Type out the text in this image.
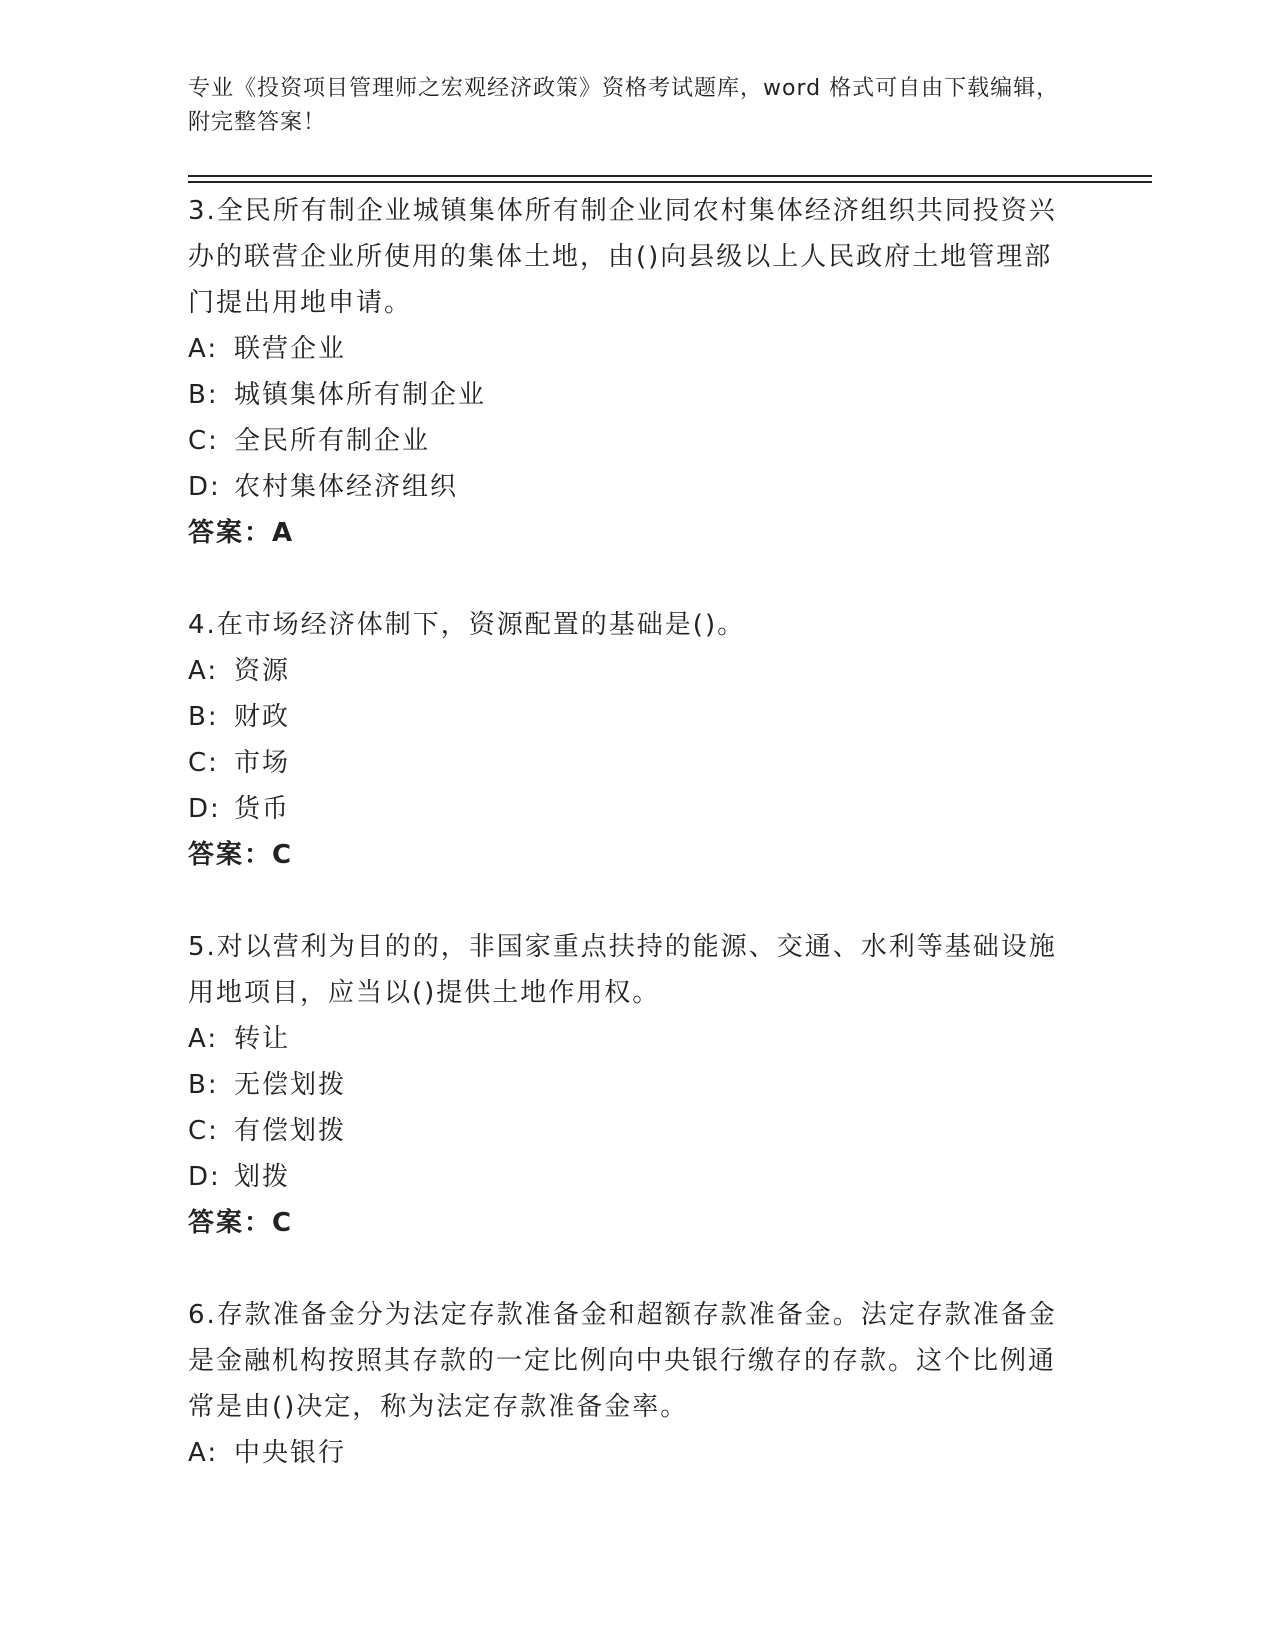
专业《投资项目管理师之宏观经济政策》资格考试题库，word 格式可自由下载编辑，附完整答案！

3.全民所有制企业城镇集体所有制企业同农村集体经济组织共同投资兴办的联营企业所使用的集体土地，由()向县级以上人民政府土地管理部门提出用地申请。

A: 联营企业

B: 城镇集体所有制企业

C: 全民所有制企业

D: 农村集体经济组织

答案：A

4.在市场经济体制下，资源配置的基础是()。

A: 资源

B: 财政

C: 市场

D: 货币

答案：C

5.对以营利为目的的，非国家重点扶持的能源、交通、水利等基础设施用地项目，应当以()提供土地作用权。

A: 转让

B: 无偿划拨

C: 有偿划拨

D: 划拨

答案：C

6.存款准备金分为法定存款准备金和超额存款准备金。法定存款准备金是金融机构按照其存款的一定比例向中央银行缴存的存款。这个比例通常是由()决定，称为法定存款准备金率。

A: 中央银行
